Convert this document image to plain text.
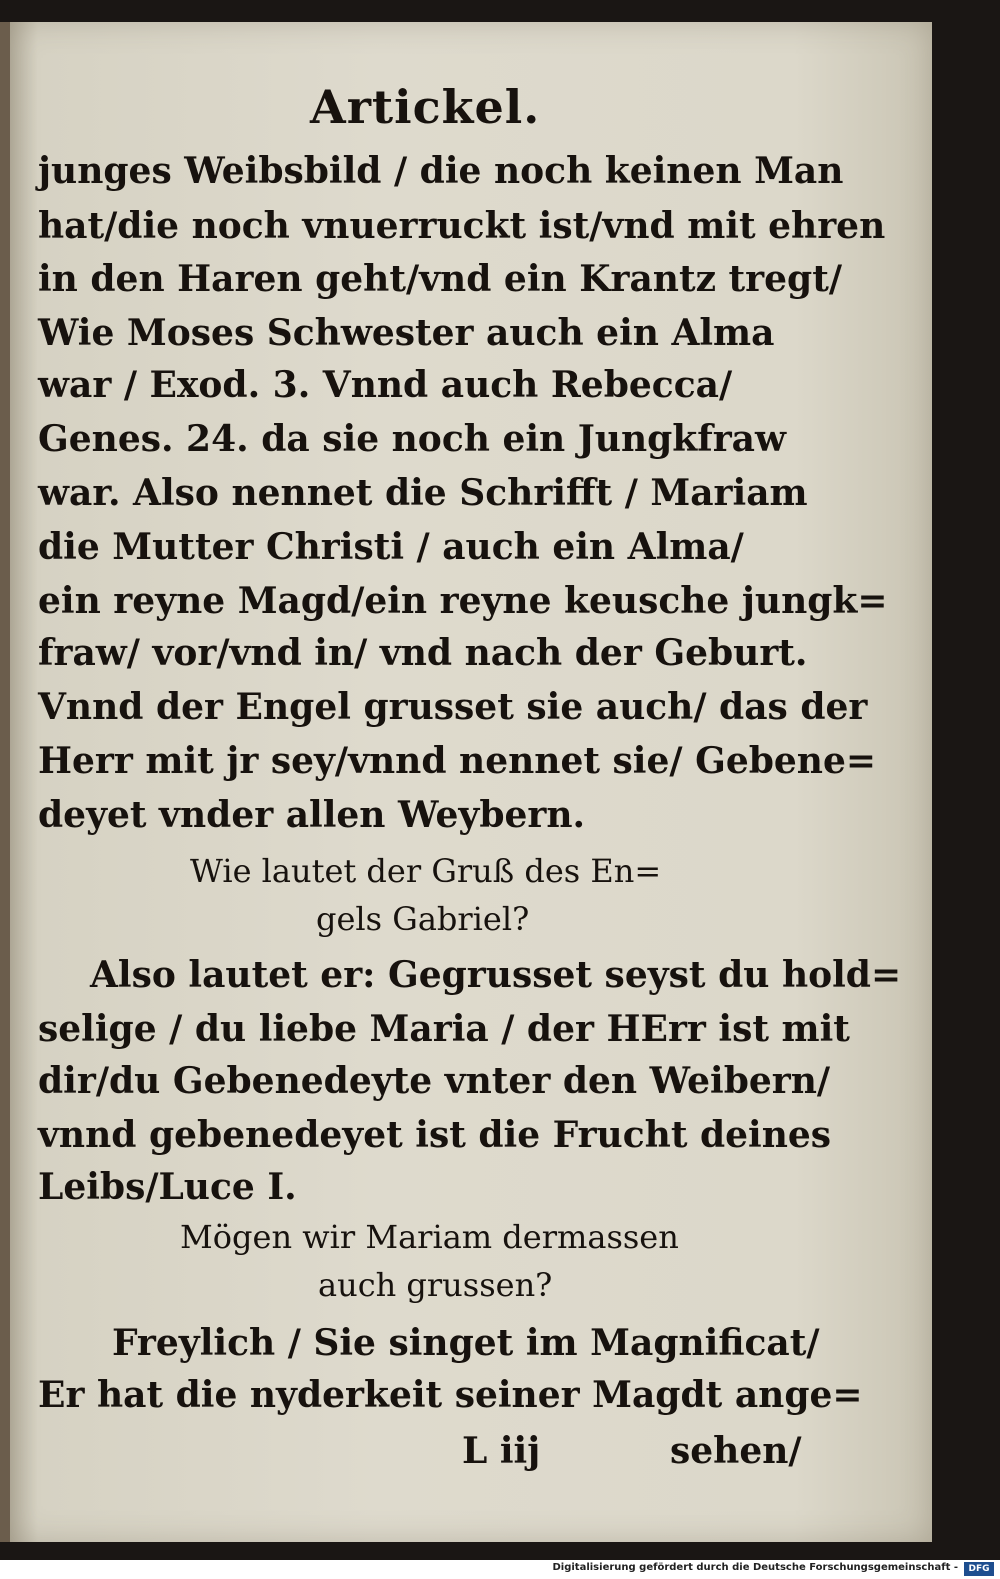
Artickel.
junges Weibsbild / die noch keinen Man
hat/die noch vnuerruckt ist/vnd mit ehren
in den Haren geht/vnd ein Krantz tregt/
Wie Moses Schwester auch ein Alma
war / Exod. 3. Vnnd auch Rebecca/
Genes. 24. da sie noch ein Jungkfraw
war. Also nennet die Schrifft / Mariam
die Mutter Christi / auch ein Alma/
ein reyne Magd/ein reyne keusche jungk=
fraw/ vor/vnd in/ vnd nach der Geburt.
Vnnd der Engel grusset sie auch/ das der
Herr mit jr sey/vnnd nennet sie/ Gebene=
deyet vnder allen Weybern.
Wie lautet der Gruß des En=
gels Gabriel?
Also lautet er: Gegrusset seyst du hold=
selige / du liebe Maria / der HErr ist mit
dir/du Gebenedeyte vnter den Weibern/
vnnd gebenedeyet ist die Frucht deines
Leibs/Luce I.
Mögen wir Mariam dermassen
auch grussen?
Freylich / Sie singet im Magnificat/
Er hat die nyderkeit seiner Magdt ange=
L iij	sehen/
Digitalisierung gefördert durch die Deutsche Forschungsgemeinschaft -	DFG
